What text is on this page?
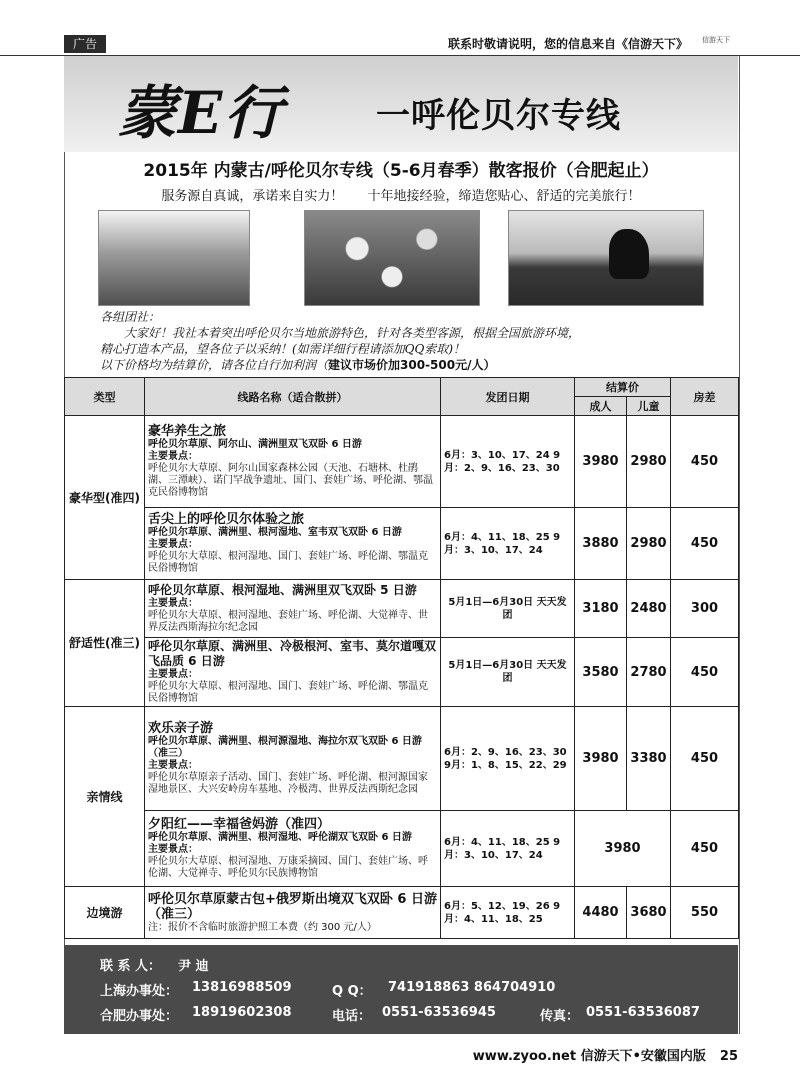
广告	联系时敬请说明，您的信息来自《信游天下》	信游天下
蒙E行	一呼伦贝尔专线
2015年 内蒙古/呼伦贝尔专线（5-6月春季）散客报价（合肥起止）
服务源自真诚，承诺来自实力！ 十年地接经验，缔造您贴心、舒适的完美旅行！

各组团社：

大家好！我社本着突出呼伦贝尔当地旅游特色，针对各类型客源，根据全国旅游环境，

精心打造本产品，望各位子以采纳！(如需详细行程请添加QQ索取)！

以下价格均为结算价，请各位自行加利润（建议市场价加300-500元/人）

类型	线路名称（适合散拼）	发团日期	结算价		房差
			成人	儿童	
豪华型(准四)	豪华养生之旅
呼伦贝尔草原、阿尔山、满洲里双飞双卧 6 日游
主要景点：
呼伦贝尔大草原、阿尔山国家森林公园（天池、石塘林、杜鹃湖、三潭峡）、诺门罕战争遗址、国门、套娃广场、呼伦湖、鄂温克民俗博物馆	6月：3、10、17、24 9月：2、9、16、23、30	3980	2980	450

	舌尖上的呼伦贝尔体验之旅
呼伦贝尔草原、满洲里、根河湿地、室韦双飞双卧 6 日游
主要景点：
呼伦贝尔大草原、根河湿地、国门、套娃广场、呼伦湖、鄂温克民俗博物馆	6月：4、11、18、25 9月：3、10、17、24	3880	2980	450
舒适性(准三)	呼伦贝尔草原、根河湿地、满洲里双飞双卧 5 日游
主要景点：
呼伦贝尔大草原、根河湿地、套娃广场、呼伦湖、大觉禅寺、世界反法西斯海拉尔纪念园	5月1日—6月30日 天天发团	3180	2480	300

	呼伦贝尔草原、满洲里、冷极根河、室韦、莫尔道嘎双飞品质 6 日游
主要景点：
呼伦贝尔大草原、根河湿地、国门、套娃广场、呼伦湖、鄂温克民俗博物馆	5月1日—6月30日 天天发团	3580	2780	450
亲情线	欢乐亲子游
呼伦贝尔草原、满洲里、根河源湿地、海拉尔双飞双卧 6 日游（准三）
主要景点：
呼伦贝尔草原亲子活动、国门、套娃广场、呼伦湖、根河源国家湿地景区、大兴安岭房车基地、冷极湾、世界反法西斯纪念园	6月：2、9、16、23、30 9月：1、8、15、22、29	3980	3380	450

	夕阳红——幸福爸妈游（准四）
呼伦贝尔草原、满洲里、根河湿地、呼伦湖双飞双卧 6 日游
主要景点：
呼伦贝尔大草原、根河湿地、万康采摘园、国门、套娃广场、呼伦湖、大觉禅寺、呼伦贝尔民族博物馆	6月：4、11、18、25 9月：3、10、17、24	3980		450
边境游	呼伦贝尔草原蒙古包+俄罗斯出境双飞双卧 6 日游（准三）
注：报价不含临时旅游护照工本费（约 300 元/人）	6月：5、12、19、26 9月：4、11、18、25	4480	3680	550
联 系 人： 尹 迪
上海办事处： 13816988509	Q Q： 741918863 864704910
合肥办事处： 18919602308	电话： 0551-63536945	传真： 0551-63536087
www.zyoo.net 信游天下•安徽国内版 25
